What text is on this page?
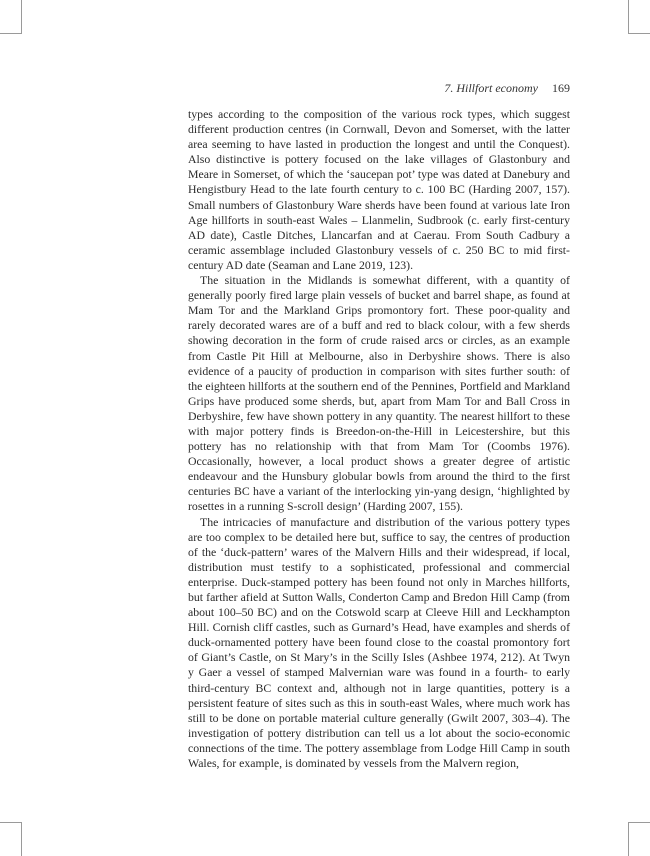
7. Hillfort economy 169

types according to the composition of the various rock types, which suggest different production centres (in Cornwall, Devon and Somerset, with the latter area seeming to have lasted in production the longest and until the Conquest). Also distinctive is pottery focused on the lake villages of Glastonbury and Meare in Somerset, of which the ‘saucepan pot’ type was dated at Danebury and Hengistbury Head to the late fourth century to c. 100 BC (Harding 2007, 157). Small numbers of Glastonbury Ware sherds have been found at various late Iron Age hillforts in south-east Wales – Llanmelin, Sudbrook (c. early first-century AD date), Castle Ditches, Llancarfan and at Caerau. From South Cadbury a ceramic assemblage included Glastonbury vessels of c. 250 BC to mid first-century AD date (Seaman and Lane 2019, 123).

The situation in the Midlands is somewhat different, with a quantity of generally poorly fired large plain vessels of bucket and barrel shape, as found at Mam Tor and the Markland Grips promontory fort. These poor-quality and rarely decorated wares are of a buff and red to black colour, with a few sherds showing decoration in the form of crude raised arcs or circles, as an example from Castle Pit Hill at Melbourne, also in Derbyshire shows. There is also evidence of a paucity of production in comparison with sites further south: of the eighteen hillforts at the southern end of the Pennines, Portfield and Markland Grips have produced some sherds, but, apart from Mam Tor and Ball Cross in Derbyshire, few have shown pottery in any quantity. The nearest hillfort to these with major pottery finds is Breedon-on-the-Hill in Leicestershire, but this pottery has no relationship with that from Mam Tor (Coombs 1976). Occasionally, however, a local product shows a greater degree of artistic endeavour and the Hunsbury globular bowls from around the third to the first centuries BC have a variant of the interlocking yin-yang design, ‘highlighted by rosettes in a running S-scroll design’ (Harding 2007, 155).

The intricacies of manufacture and distribution of the various pottery types are too complex to be detailed here but, suffice to say, the centres of production of the ‘duck-pattern’ wares of the Malvern Hills and their widespread, if local, distribution must testify to a sophisticated, professional and commercial enterprise. Duck-stamped pottery has been found not only in Marches hillforts, but farther afield at Sutton Walls, Conderton Camp and Bredon Hill Camp (from about 100–50 BC) and on the Cotswold scarp at Cleeve Hill and Leckhampton Hill. Cornish cliff castles, such as Gurnard’s Head, have examples and sherds of duck-ornamented pottery have been found close to the coastal promontory fort of Giant’s Castle, on St Mary’s in the Scilly Isles (Ashbee 1974, 212). At Twyn y Gaer a vessel of stamped Malvernian ware was found in a fourth- to early third-century BC context and, although not in large quantities, pottery is a persistent feature of sites such as this in south-east Wales, where much work has still to be done on portable material culture generally (Gwilt 2007, 303–4). The investigation of pottery distribution can tell us a lot about the socio-economic connections of the time. The pottery assemblage from Lodge Hill Camp in south Wales, for example, is dominated by vessels from the Malvern region,
